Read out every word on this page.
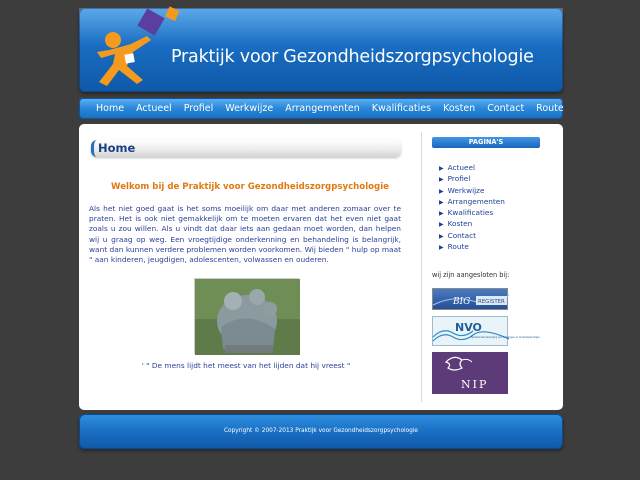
Praktijk voor Gezondheidszorgpsychologie
Home	Actueel	Profiel	Werkwijze	Arrangementen	Kwalificaties	Kosten	Contact	Route
Home
Welkom bij de Praktijk voor Gezondheidszorgpsychologie
Als het niet goed gaat is het soms moeilijk om daar met anderen zomaar over te praten. Het is ook niet gemakkelijk om te moeten ervaren dat het even niet gaat zoals u zou willen. Als u vindt dat daar iets aan gedaan moet worden, dan helpen wij u graag op weg. Een vroegtijdige onderkenning en behandeling is belangrijk, want dan kunnen verdere problemen worden voorkomen. Wij bieden " hulp op maat " aan kinderen, jeugdigen, adolescenten, volwassen en ouderen.
' " De mens lijdt het meest van het lijden dat hij vreest "
PAGINA'S
▶ Actueel
▶ Profiel
▶ Werkwijze
▶ Arrangementen
▶ Kwalificaties
▶ Kosten
▶ Contact
▶ Route
wij zijn aangesloten bij:
BIG REGISTER
NVO
Nederlandse Vereniging van Pedagogen en Onderwijskundigen
NIP
Copyright © 2007-2013 Praktijk voor Gezondheidszorgpsychologie
